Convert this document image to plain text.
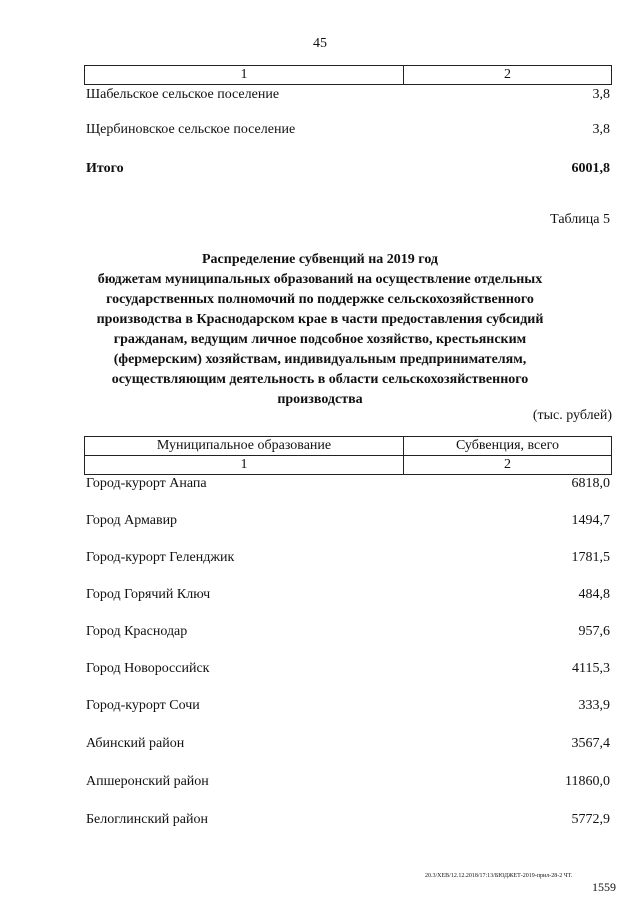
45
1	2
Шабельское сельское поселение	3,8
Щербиновское сельское поселение	3,8
Итого	6001,8
Таблица 5
Распределение субвенций на 2019 год
бюджетам муниципальных образований на осуществление отдельных
государственных полномочий по поддержке сельскохозяйственного
производства в Краснодарском крае в части предоставления субсидий
гражданам, ведущим личное подсобное хозяйство, крестьянским
(фермерским) хозяйствам, индивидуальным предпринимателям,
осуществляющим деятельность в области сельскохозяйственного
производства
(тыс. рублей)
Муниципальное образование	Субвенция, всего
1	2
Город-курорт Анапа	6818,0
Город Армавир	1494,7
Город-курорт Геленджик	1781,5
Город Горячий Ключ	484,8
Город Краснодар	957,6
Город Новороссийск	4115,3
Город-курорт Сочи	333,9
Абинский район	3567,4
Апшеронский район	11860,0
Белоглинский район	5772,9
20.3/ХЕВ/12.12.2018/17:13/БЮДЖЕТ-2019-прил-28-2 ЧТ.
1559
